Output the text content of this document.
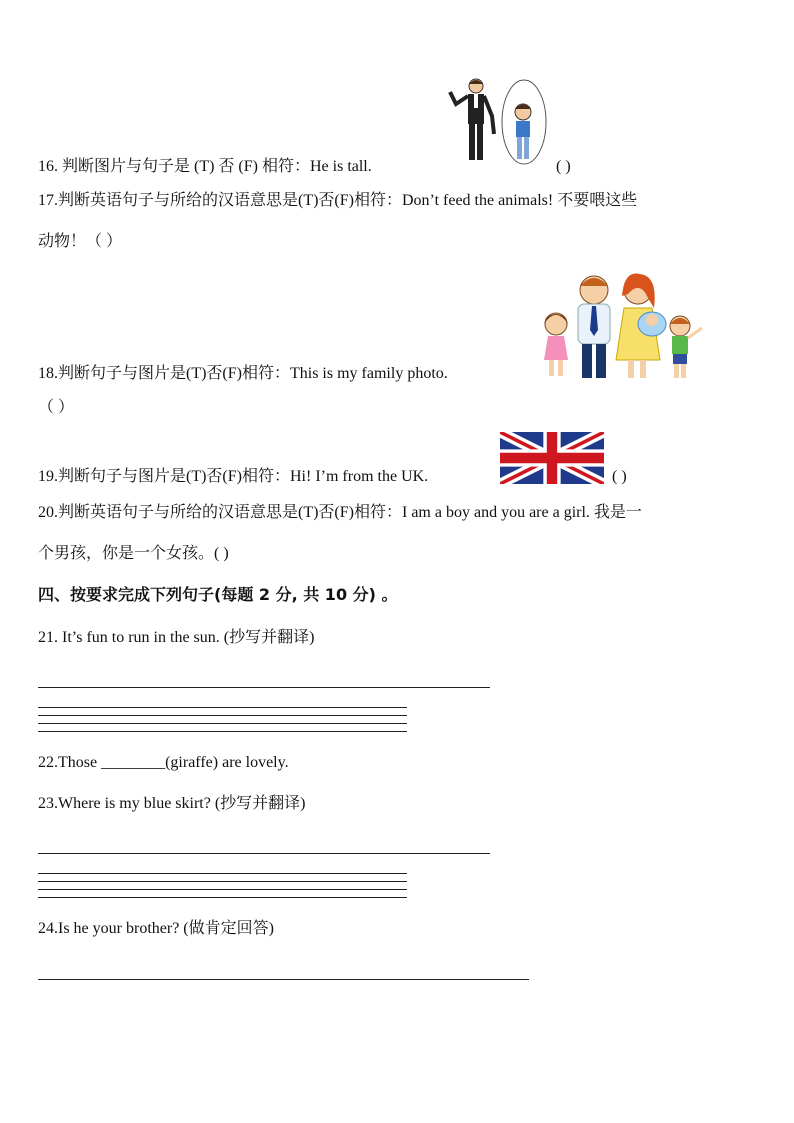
16. 判断图片与句子是 (T) 否 (F) 相符：He is tall.	( )
17.判断英语句子与所给的汉语意思是(T)否(F)相符：Don’t feed the animals! 不要喂这些
动物！（ ）
18.判断句子与图片是(T)否(F)相符：This is my family photo.
（ ）
19.判断句子与图片是(T)否(F)相符：Hi! I’m from the UK.	( )
20.判断英语句子与所给的汉语意思是(T)否(F)相符：I am a boy and you are a girl. 我是一
个男孩，你是一个女孩。( )
四、按要求完成下列句子(每题 2 分, 共 10 分) 。
21. It’s fun to run in the sun. (抄写并翻译)
22.Those ________(giraffe) are lovely.
23.Where is my blue skirt? (抄写并翻译)
24.Is he your brother? (做肯定回答)
